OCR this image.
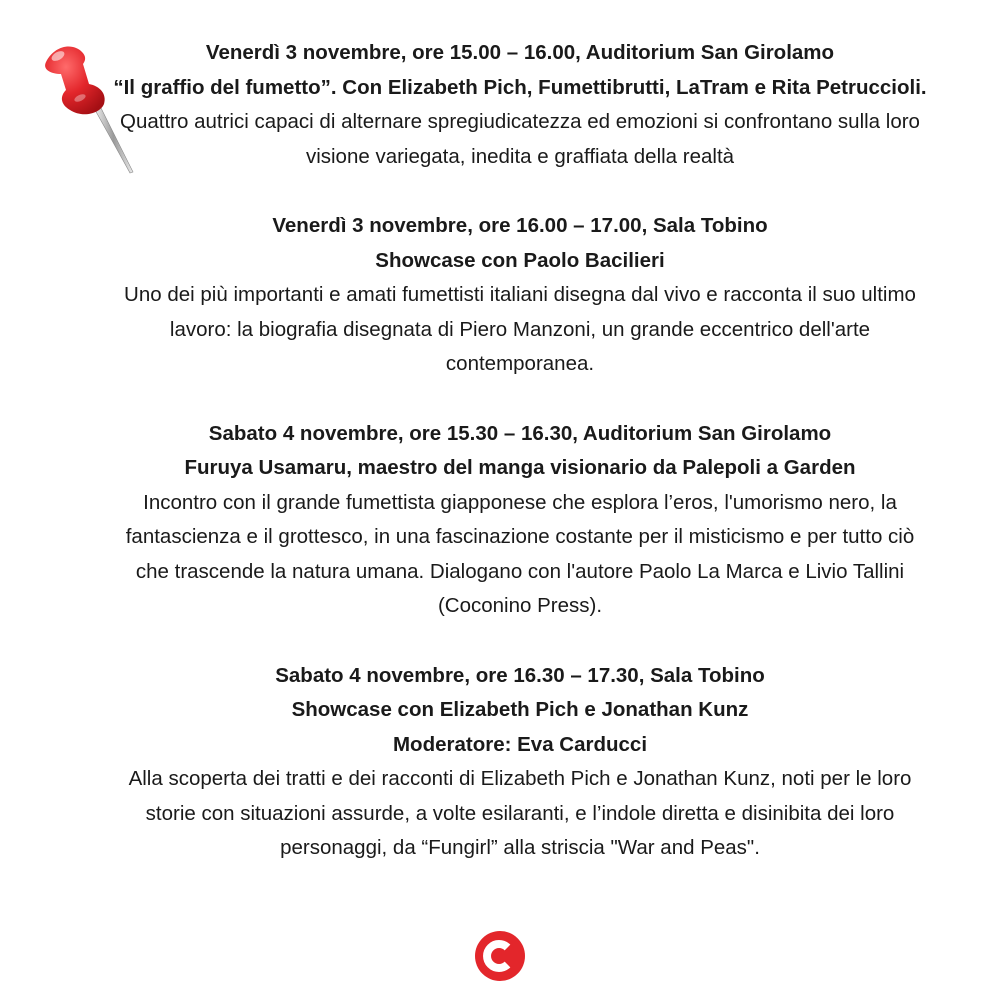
Venerdì 3 novembre, ore 15.00 – 16.00, Auditorium San Girolamo

“Il graffio del fumetto”. Con Elizabeth Pich, Fumettibrutti, LaTram e Rita Petruccioli.

Quattro autrici capaci di alternare spregiudicatezza ed emozioni si confrontano sulla loro visione variegata, inedita e graffiata della realtà

Venerdì 3 novembre, ore 16.00 – 17.00, Sala Tobino

Showcase con Paolo Bacilieri

Uno dei più importanti e amati fumettisti italiani disegna dal vivo e racconta il suo ultimo lavoro: la biografia disegnata di Piero Manzoni, un grande eccentrico dell'arte contemporanea.

Sabato 4 novembre, ore 15.30 – 16.30, Auditorium San Girolamo

Furuya Usamaru, maestro del manga visionario da Palepoli a Garden

Incontro con il grande fumettista giapponese che esplora l’eros, l'umorismo nero, la fantascienza e il grottesco, in una fascinazione costante per il misticismo e per tutto ciò che trascende la natura umana. Dialogano con l'autore Paolo La Marca e Livio Tallini (Coconino Press).

Sabato 4 novembre, ore 16.30 – 17.30, Sala Tobino

Showcase con Elizabeth Pich e Jonathan Kunz

Moderatore: Eva Carducci

Alla scoperta dei tratti e dei racconti di Elizabeth Pich e Jonathan Kunz, noti per le loro storie con situazioni assurde, a volte esilaranti, e l’indole diretta e disinibita dei loro personaggi, da “Fungirl” alla striscia "War and Peas".
